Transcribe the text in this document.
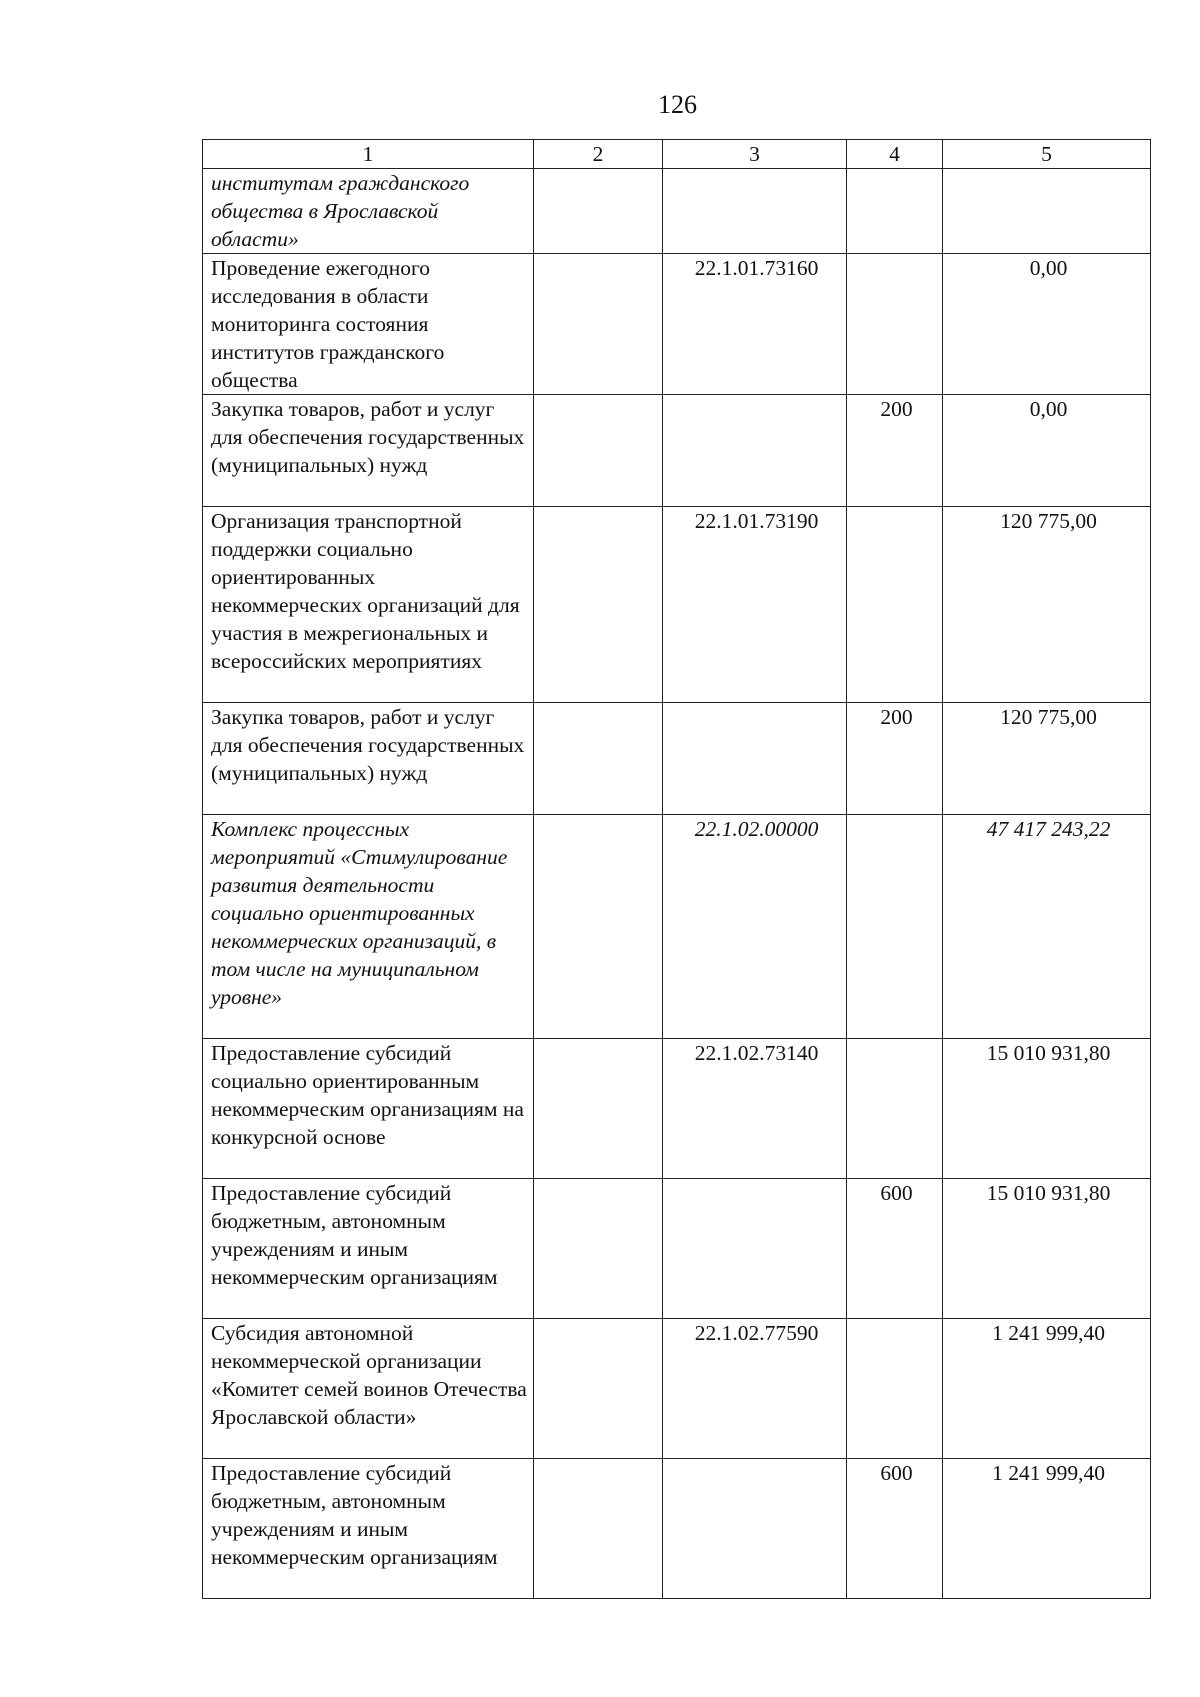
126
1	2	3	4	5
институтам гражданского общества в Ярославской области»				
Проведение ежегодного исследования в области мониторинга состояния институтов гражданского общества		22.1.01.73160		0,00
Закупка товаров, работ и услуг для обеспечения государственных (муниципальных) нужд			200	0,00
Организация транспортной поддержки социально ориентированных некоммерческих организаций для участия в межрегиональных и всероссийских мероприятиях		22.1.01.73190		120 775,00
Закупка товаров, работ и услуг для обеспечения государственных (муниципальных) нужд			200	120 775,00
Комплекс процессных мероприятий «Стимулирование развития деятельности социально ориентированных некоммерческих организаций, в том числе на муниципальном уровне»		22.1.02.00000		47 417 243,22
Предоставление субсидий социально ориентированным некоммерческим организациям на конкурсной основе		22.1.02.73140		15 010 931,80
Предоставление субсидий бюджетным, автономным учреждениям и иным некоммерческим организациям			600	15 010 931,80
Субсидия автономной некоммерческой организации «Комитет семей воинов Отечества Ярославской области»		22.1.02.77590		1 241 999,40
Предоставление субсидий бюджетным, автономным учреждениям и иным некоммерческим организациям			600	1 241 999,40
